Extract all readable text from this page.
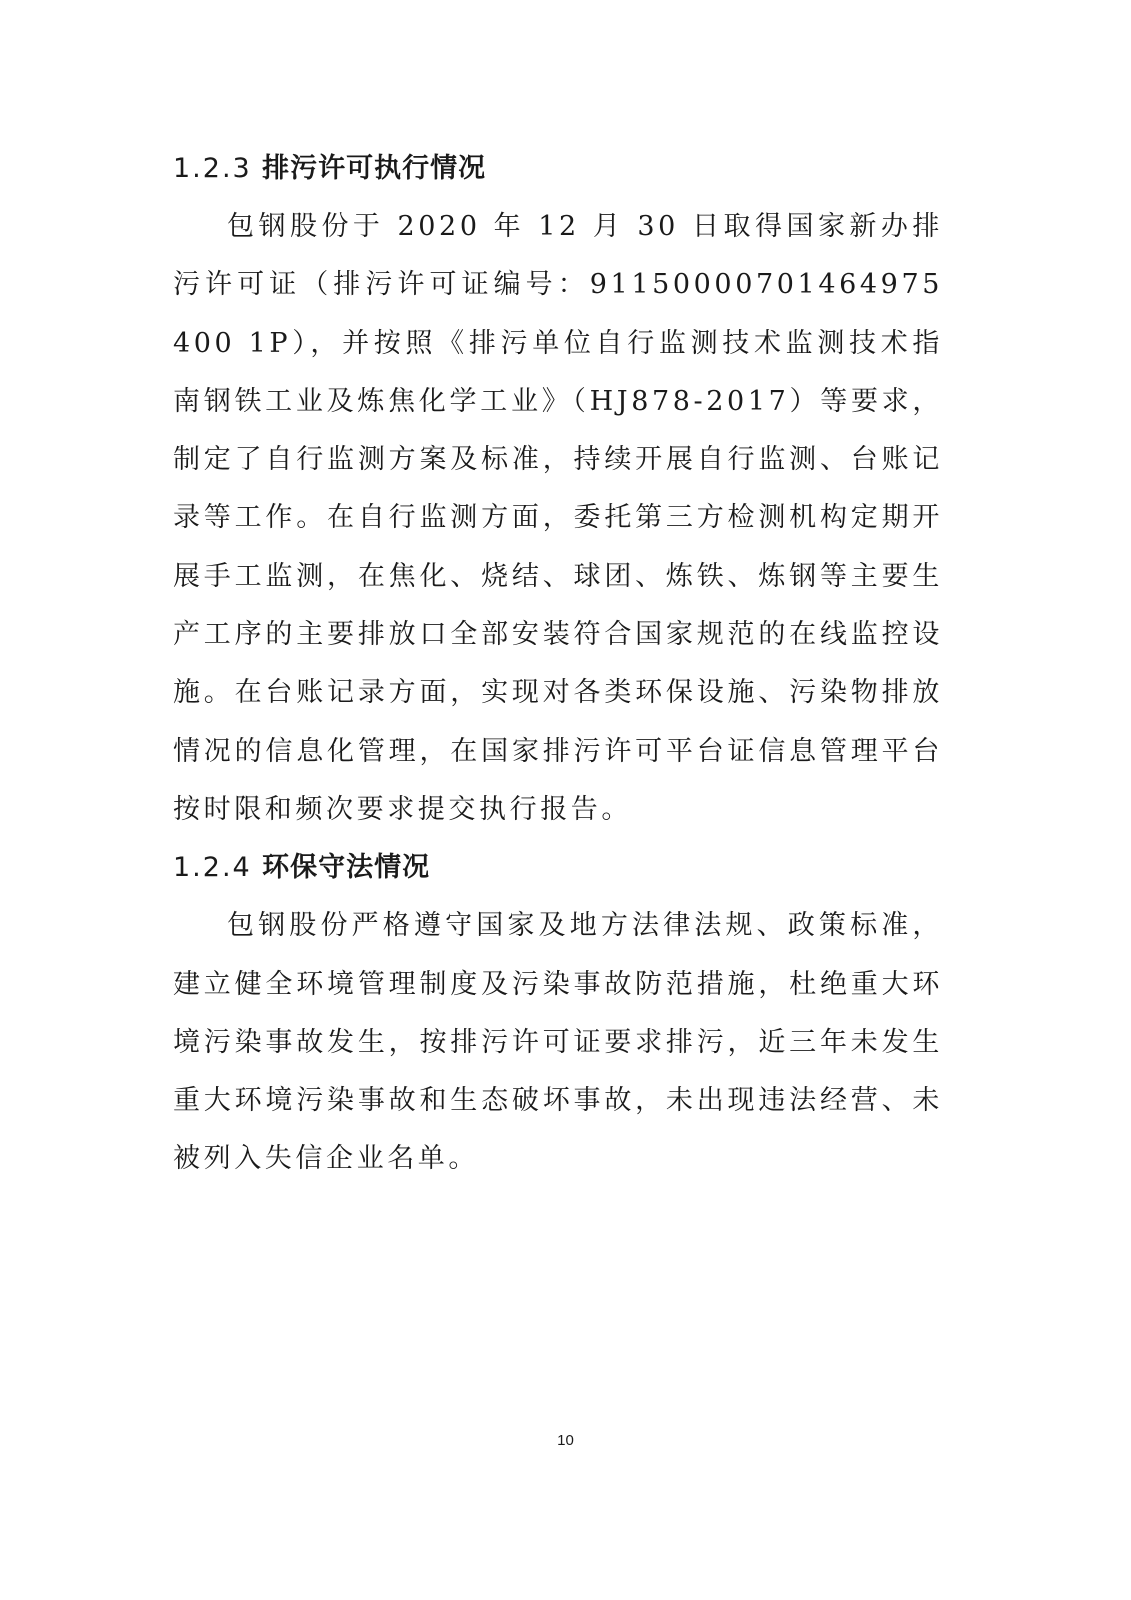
1.2.3 排污许可执行情况

包钢股份于 2020 年 12 月 30 日取得国家新办排污许可证（排污许可证编号：91150000701464975400 1P），并按照《排污单位自行监测技术监测技术指南钢铁工业及炼焦化学工业》（HJ878-2017）等要求，制定了自行监测方案及标准，持续开展自行监测、台账记录等工作。在自行监测方面，委托第三方检测机构定期开展手工监测，在焦化、烧结、球团、炼铁、炼钢等主要生产工序的主要排放口全部安装符合国家规范的在线监控设施。在台账记录方面，实现对各类环保设施、污染物排放情况的信息化管理，在国家排污许可平台证信息管理平台按时限和频次要求提交执行报告。

1.2.4 环保守法情况

包钢股份严格遵守国家及地方法律法规、政策标准，建立健全环境管理制度及污染事故防范措施，杜绝重大环境污染事故发生，按排污许可证要求排污，近三年未发生重大环境污染事故和生态破坏事故，未出现违法经营、未被列入失信企业名单。

10
